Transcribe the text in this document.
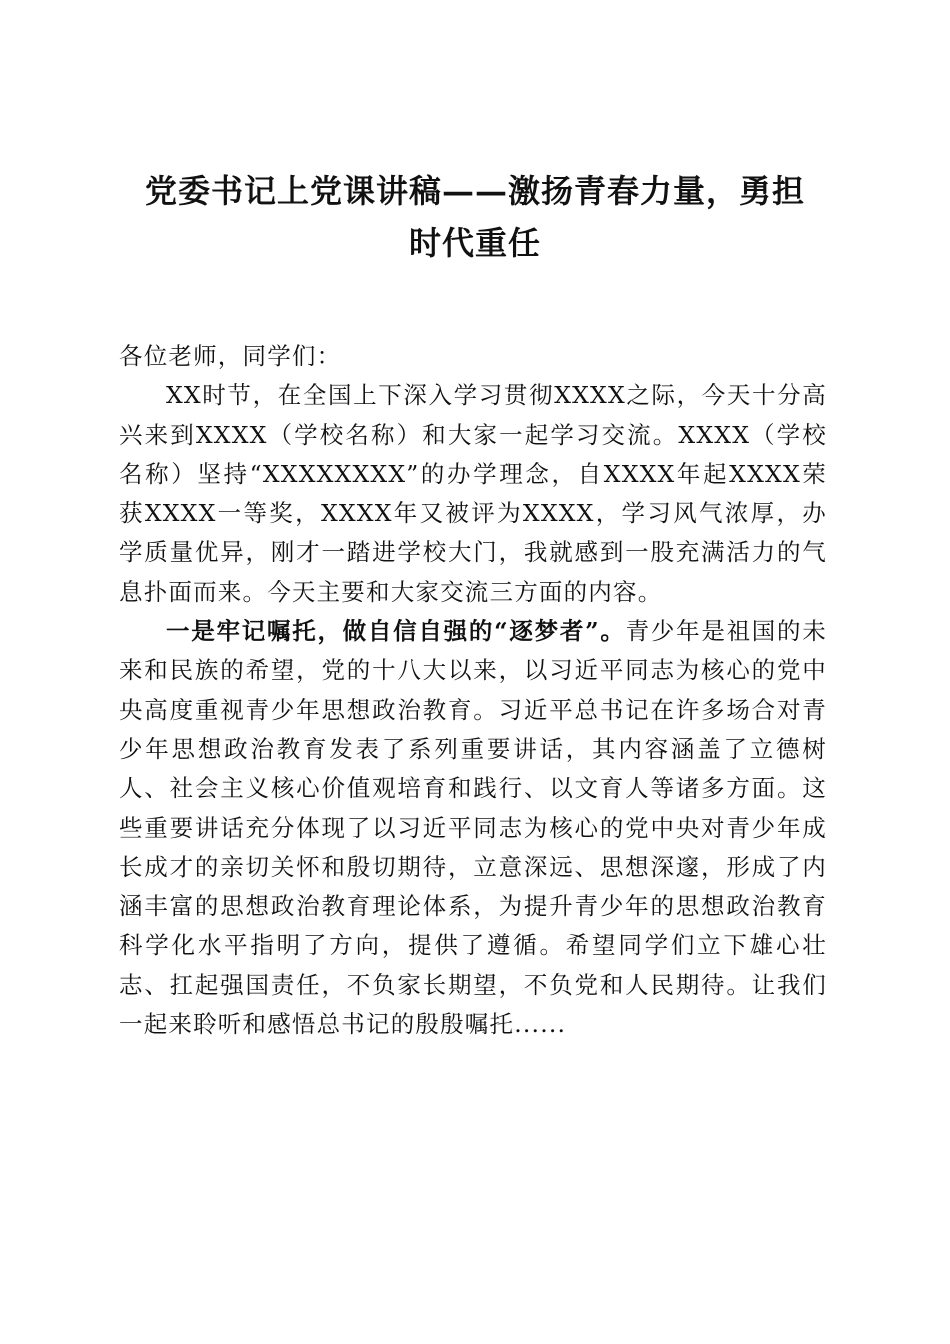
党委书记上党课讲稿——激扬青春力量，勇担
时代重任

各位老师，同学们：

XX时节，在全国上下深入学习贯彻XXXX之际，今天十分高兴来到XXXX（学校名称）和大家一起学习交流。XXXX（学校名称）坚持“XXXXXXXX”的办学理念，自XXXX年起XXXX荣获XXXX一等奖，XXXX年又被评为XXXX，学习风气浓厚，办学质量优异，刚才一踏进学校大门，我就感到一股充满活力的气息扑面而来。今天主要和大家交流三方面的内容。

一是牢记嘱托，做自信自强的“逐梦者”。青少年是祖国的未来和民族的希望，党的十八大以来，以习近平同志为核心的党中央高度重视青少年思想政治教育。习近平总书记在许多场合对青少年思想政治教育发表了系列重要讲话，其内容涵盖了立德树人、社会主义核心价值观培育和践行、以文育人等诸多方面。这些重要讲话充分体现了以习近平同志为核心的党中央对青少年成长成才的亲切关怀和殷切期待，立意深远、思想深邃，形成了内涵丰富的思想政治教育理论体系，为提升青少年的思想政治教育科学化水平指明了方向，提供了遵循。希望同学们立下雄心壮志、扛起强国责任，不负家长期望，不负党和人民期待。让我们一起来聆听和感悟总书记的殷殷嘱托......
